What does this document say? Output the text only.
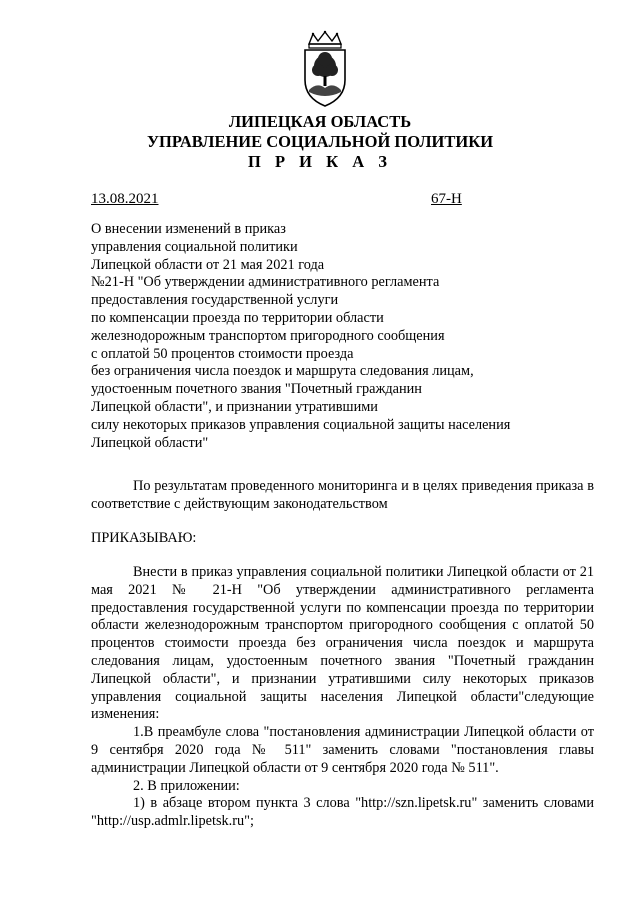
ЛИПЕЦКАЯ ОБЛАСТЬ
УПРАВЛЕНИЕ СОЦИАЛЬНОЙ ПОЛИТИКИ
П Р И К А З
13.08.2021	67-Н
О внесении изменений в приказ
управления социальной политики
Липецкой области от 21 мая 2021 года
№21-Н "Об утверждении административного регламента
предоставления государственной услуги
по компенсации проезда по территории области
железнодорожным транспортом пригородного сообщения
с оплатой 50 процентов стоимости проезда
без ограничения числа поездок и маршрута следования лицам,
удостоенным почетного звания "Почетный гражданин
Липецкой области", и признании утратившими
силу некоторых приказов управления социальной защиты населения
Липецкой области"

По результатам проведенного мониторинга и в целях приведения приказа в соответствие с действующим законодательством

ПРИКАЗЫВАЮ:

Внести в приказ управления социальной политики Липецкой области от 21 мая 2021 № 21-Н "Об утверждении административного регламента предоставления государственной услуги по компенсации проезда по территории области железнодорожным транспортом пригородного сообщения с оплатой 50 процентов стоимости проезда без ограничения числа поездок и маршрута следования лицам, удостоенным почетного звания "Почетный гражданин Липецкой области", и признании утратившими силу некоторых приказов управления социальной защиты населения Липецкой области"следующие изменения:

1.В преамбуле слова "постановления администрации Липецкой области от 9 сентября 2020 года № 511" заменить словами "постановления главы администрации Липецкой области от 9 сентября 2020 года № 511".

2. В приложении:

1) в абзаце втором пункта 3 слова "http://szn.lipetsk.ru" заменить словами "http://usp.admlr.lipetsk.ru";
